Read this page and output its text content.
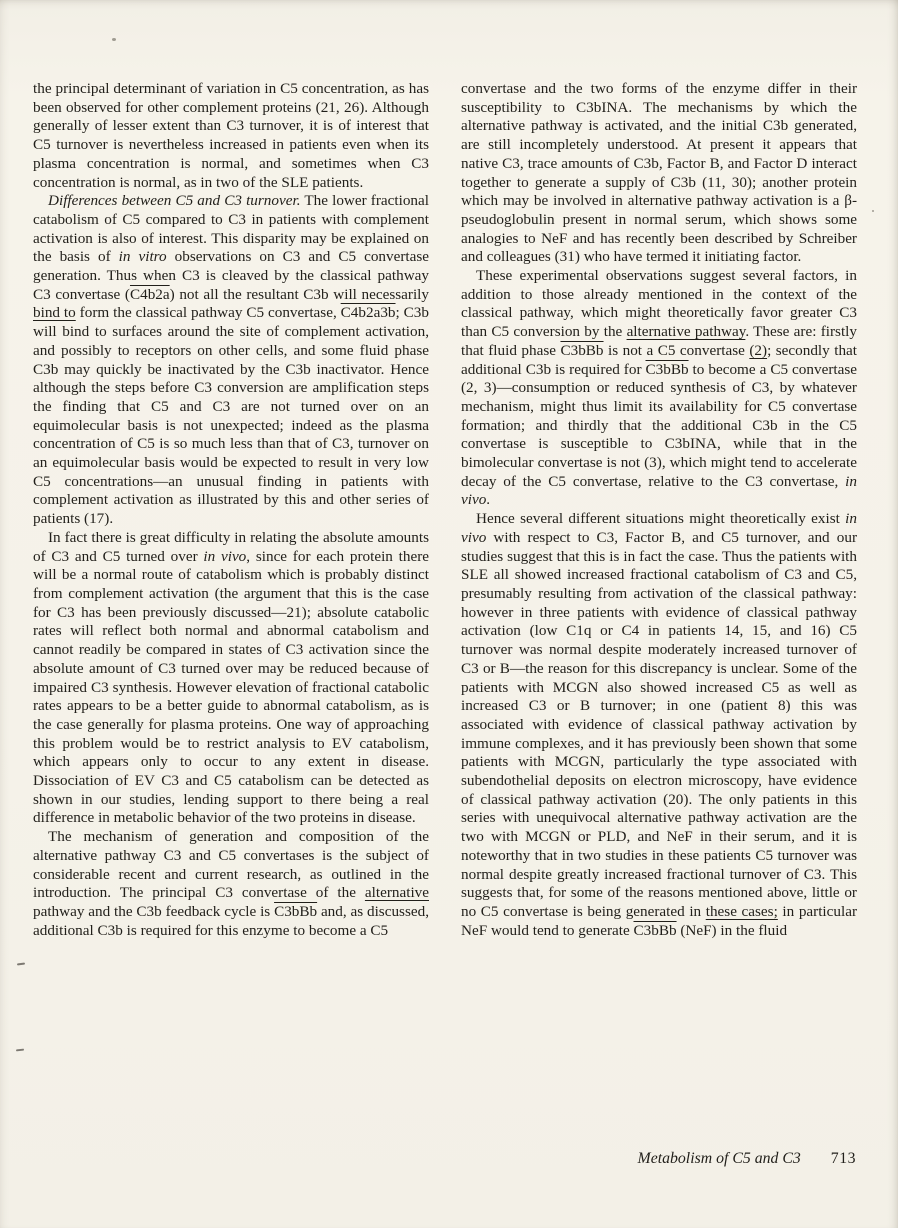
the principal determinant of variation in C5 concentration, as has been observed for other complement proteins (21, 26). Although generally of lesser extent than C3 turnover, it is of interest that C5 turnover is nevertheless increased in patients even when its plasma concentration is normal, and sometimes when C3 concentration is normal, as in two of the SLE patients.

Differences between C5 and C3 turnover. The lower fractional catabolism of C5 compared to C3 in patients with complement activation is also of interest. This disparity may be explained on the basis of in vitro observations on C3 and C5 convertase generation. Thus when C3 is cleaved by the classical pathway C3 convertase (C4b2a) not all the resultant C3b will necessarily bind to form the classical pathway C5 convertase, C4b2a3b; C3b will bind to surfaces around the site of complement activation, and possibly to receptors on other cells, and some fluid phase C3b may quickly be inactivated by the C3b inactivator. Hence although the steps before C3 conversion are amplification steps the finding that C5 and C3 are not turned over on an equimolecular basis is not unexpected; indeed as the plasma concentration of C5 is so much less than that of C3, turnover on an equimolecular basis would be expected to result in very low C5 concentrations—an unusual finding in patients with complement activation as illustrated by this and other series of patients (17).

In fact there is great difficulty in relating the absolute amounts of C3 and C5 turned over in vivo, since for each protein there will be a normal route of catabolism which is probably distinct from complement activation (the argument that this is the case for C3 has been previously discussed—21); absolute catabolic rates will reflect both normal and abnormal catabolism and cannot readily be compared in states of C3 activation since the absolute amount of C3 turned over may be reduced because of impaired C3 synthesis. However elevation of fractional catabolic rates appears to be a better guide to abnormal catabolism, as is the case generally for plasma proteins. One way of approaching this problem would be to restrict analysis to EV catabolism, which appears only to occur to any extent in disease. Dissociation of EV C3 and C5 catabolism can be detected as shown in our studies, lending support to there being a real difference in metabolic behavior of the two proteins in disease.

The mechanism of generation and composition of the alternative pathway C3 and C5 convertases is the subject of considerable recent and current research, as outlined in the introduction. The principal C3 convertase of the alternative pathway and the C3b feedback cycle is C3bBb and, as discussed, additional C3b is required for this enzyme to become a C5

convertase and the two forms of the enzyme differ in their susceptibility to C3bINA. The mechanisms by which the alternative pathway is activated, and the initial C3b generated, are still incompletely understood. At present it appears that native C3, trace amounts of C3b, Factor B, and Factor D interact together to generate a supply of C3b (11, 30); another protein which may be involved in alternative pathway activation is a β-pseudoglobulin present in normal serum, which shows some analogies to NeF and has recently been described by Schreiber and colleagues (31) who have termed it initiating factor.

These experimental observations suggest several factors, in addition to those already mentioned in the context of the classical pathway, which might theoretically favor greater C3 than C5 conversion by the alternative pathway. These are: firstly that fluid phase C3bBb is not a C5 convertase (2); secondly that additional C3b is required for C3bBb to become a C5 convertase (2, 3)—consumption or reduced synthesis of C3, by whatever mechanism, might thus limit its availability for C5 convertase formation; and thirdly that the additional C3b in the C5 convertase is susceptible to C3bINA, while that in the bimolecular convertase is not (3), which might tend to accelerate decay of the C5 convertase, relative to the C3 convertase, in vivo.

Hence several different situations might theoretically exist in vivo with respect to C3, Factor B, and C5 turnover, and our studies suggest that this is in fact the case. Thus the patients with SLE all showed increased fractional catabolism of C3 and C5, presumably resulting from activation of the classical pathway: however in three patients with evidence of classical pathway activation (low C1q or C4 in patients 14, 15, and 16) C5 turnover was normal despite moderately increased turnover of C3 or B—the reason for this discrepancy is unclear. Some of the patients with MCGN also showed increased C5 as well as increased C3 or B turnover; in one (patient 8) this was associated with evidence of classical pathway activation by immune complexes, and it has previously been shown that some patients with MCGN, particularly the type associated with subendothelial deposits on electron microscopy, have evidence of classical pathway activation (20). The only patients in this series with unequivocal alternative pathway activation are the two with MCGN or PLD, and NeF in their serum, and it is noteworthy that in two studies in these patients C5 turnover was normal despite greatly increased fractional turnover of C3. This suggests that, for some of the reasons mentioned above, little or no C5 convertase is being generated in these cases; in particular NeF would tend to generate C3bBb (NeF) in the fluid

Metabolism of C5 and C3 713
